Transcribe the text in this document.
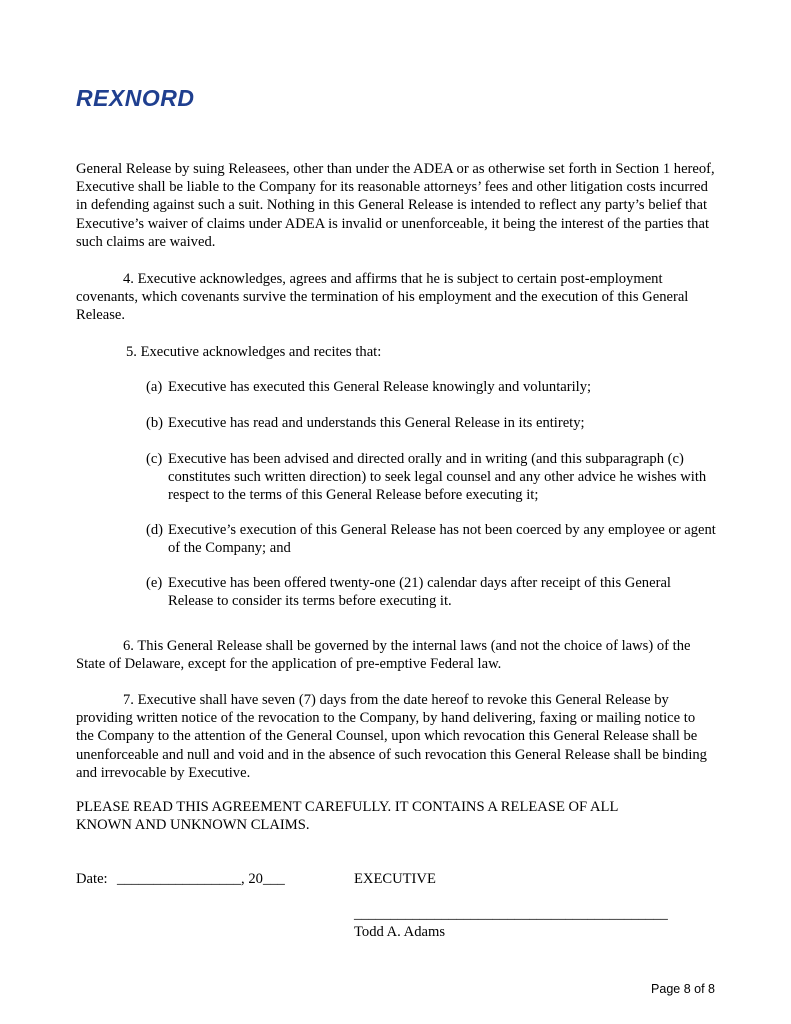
REXNORD

General Release by suing Releasees, other than under the ADEA or as otherwise set forth in Section 1 hereof, Executive shall be liable to the Company for its reasonable attorneys’ fees and other litigation costs incurred in defending against such a suit. Nothing in this General Release is intended to reflect any party’s belief that Executive’s waiver of claims under ADEA is invalid or unenforceable, it being the interest of the parties that such claims are waived.

4. Executive acknowledges, agrees and affirms that he is subject to certain post-employment covenants, which covenants survive the termination of his employment and the execution of this General Release.

5. Executive acknowledges and recites that:

(a) Executive has executed this General Release knowingly and voluntarily;
(b) Executive has read and understands this General Release in its entirety;
(c) Executive has been advised and directed orally and in writing (and this subparagraph (c) constitutes such written direction) to seek legal counsel and any other advice he wishes with respect to the terms of this General Release before executing it;
(d) Executive’s execution of this General Release has not been coerced by any employee or agent of the Company; and
(e) Executive has been offered twenty-one (21) calendar days after receipt of this General Release to consider its terms before executing it.

6. This General Release shall be governed by the internal laws (and not the choice of laws) of the State of Delaware, except for the application of pre-emptive Federal law.

7. Executive shall have seven (7) days from the date hereof to revoke this General Release by providing written notice of the revocation to the Company, by hand delivering, faxing or mailing notice to the Company to the attention of the General Counsel, upon which revocation this General Release shall be unenforceable and null and void and in the absence of such revocation this General Release shall be binding and irrevocable by Executive.

PLEASE READ THIS AGREEMENT CAREFULLY. IT CONTAINS A RELEASE OF ALL KNOWN AND UNKNOWN CLAIMS.

Date: _________________, 20___	EXECUTIVE
___________________________________________
Todd A. Adams
Page 8 of 8
